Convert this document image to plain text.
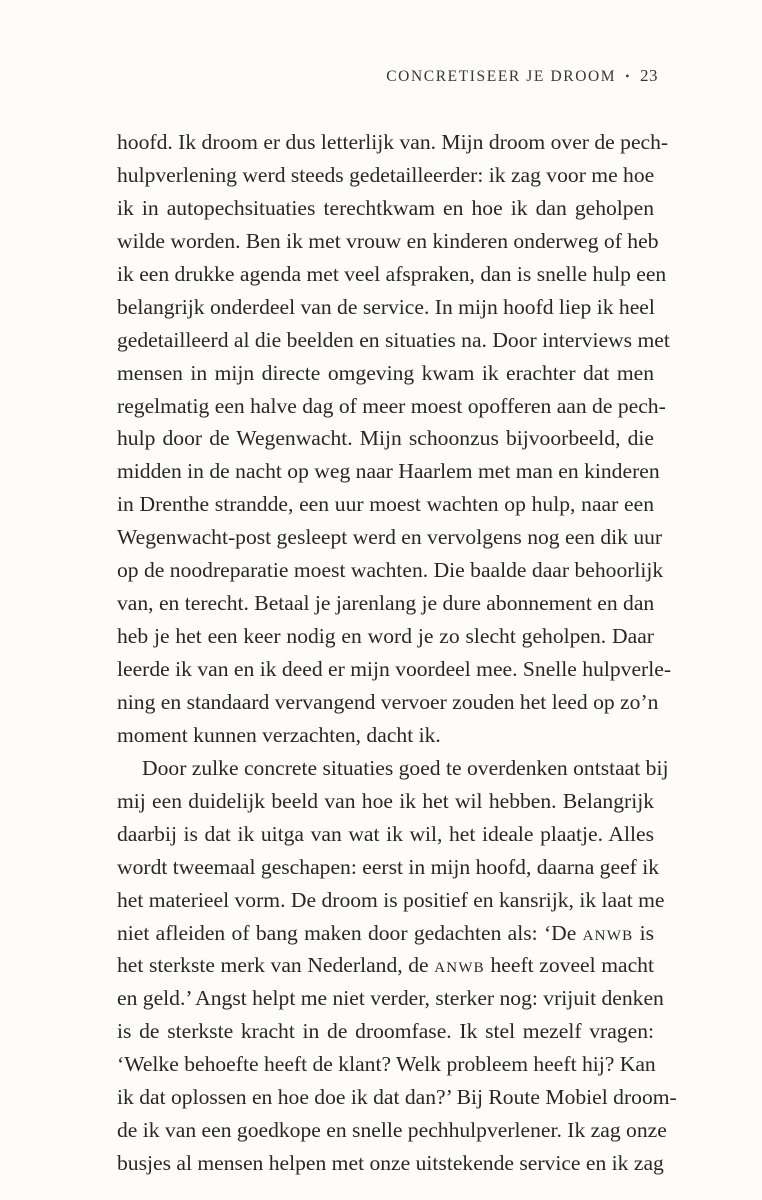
CONCRETISEER JE DROOM • 23
hoofd. Ik droom er dus letterlijk van. Mijn droom over de pech-
hulpverlening werd steeds gedetailleerder: ik zag voor me hoe
ik in autopechsituaties terechtkwam en hoe ik dan geholpen
wilde worden. Ben ik met vrouw en kinderen onderweg of heb
ik een drukke agenda met veel afspraken, dan is snelle hulp een
belangrijk onderdeel van de service. In mijn hoofd liep ik heel
gedetailleerd al die beelden en situaties na. Door interviews met
mensen in mijn directe omgeving kwam ik erachter dat men
regelmatig een halve dag of meer moest opofferen aan de pech-
hulp door de Wegenwacht. Mijn schoonzus bijvoorbeeld, die
midden in de nacht op weg naar Haarlem met man en kinderen
in Drenthe strandde, een uur moest wachten op hulp, naar een
Wegenwacht-post gesleept werd en vervolgens nog een dik uur
op de noodreparatie moest wachten. Die baalde daar behoorlijk
van, en terecht. Betaal je jarenlang je dure abonnement en dan
heb je het een keer nodig en word je zo slecht geholpen. Daar
leerde ik van en ik deed er mijn voordeel mee. Snelle hulpverle-
ning en standaard vervangend vervoer zouden het leed op zo’n
moment kunnen verzachten, dacht ik.
Door zulke concrete situaties goed te overdenken ontstaat bij
mij een duidelijk beeld van hoe ik het wil hebben. Belangrijk
daarbij is dat ik uitga van wat ik wil, het ideale plaatje. Alles
wordt tweemaal geschapen: eerst in mijn hoofd, daarna geef ik
het materieel vorm. De droom is positief en kansrijk, ik laat me
niet afleiden of bang maken door gedachten als: ‘De ANWB is
het sterkste merk van Nederland, de ANWB heeft zoveel macht
en geld.’ Angst helpt me niet verder, sterker nog: vrijuit denken
is de sterkste kracht in de droomfase. Ik stel mezelf vragen:
‘Welke behoefte heeft de klant? Welk probleem heeft hij? Kan
ik dat oplossen en hoe doe ik dat dan?’ Bij Route Mobiel droom-
de ik van een goedkope en snelle pechhulpverlener. Ik zag onze
busjes al mensen helpen met onze uitstekende service en ik zag
